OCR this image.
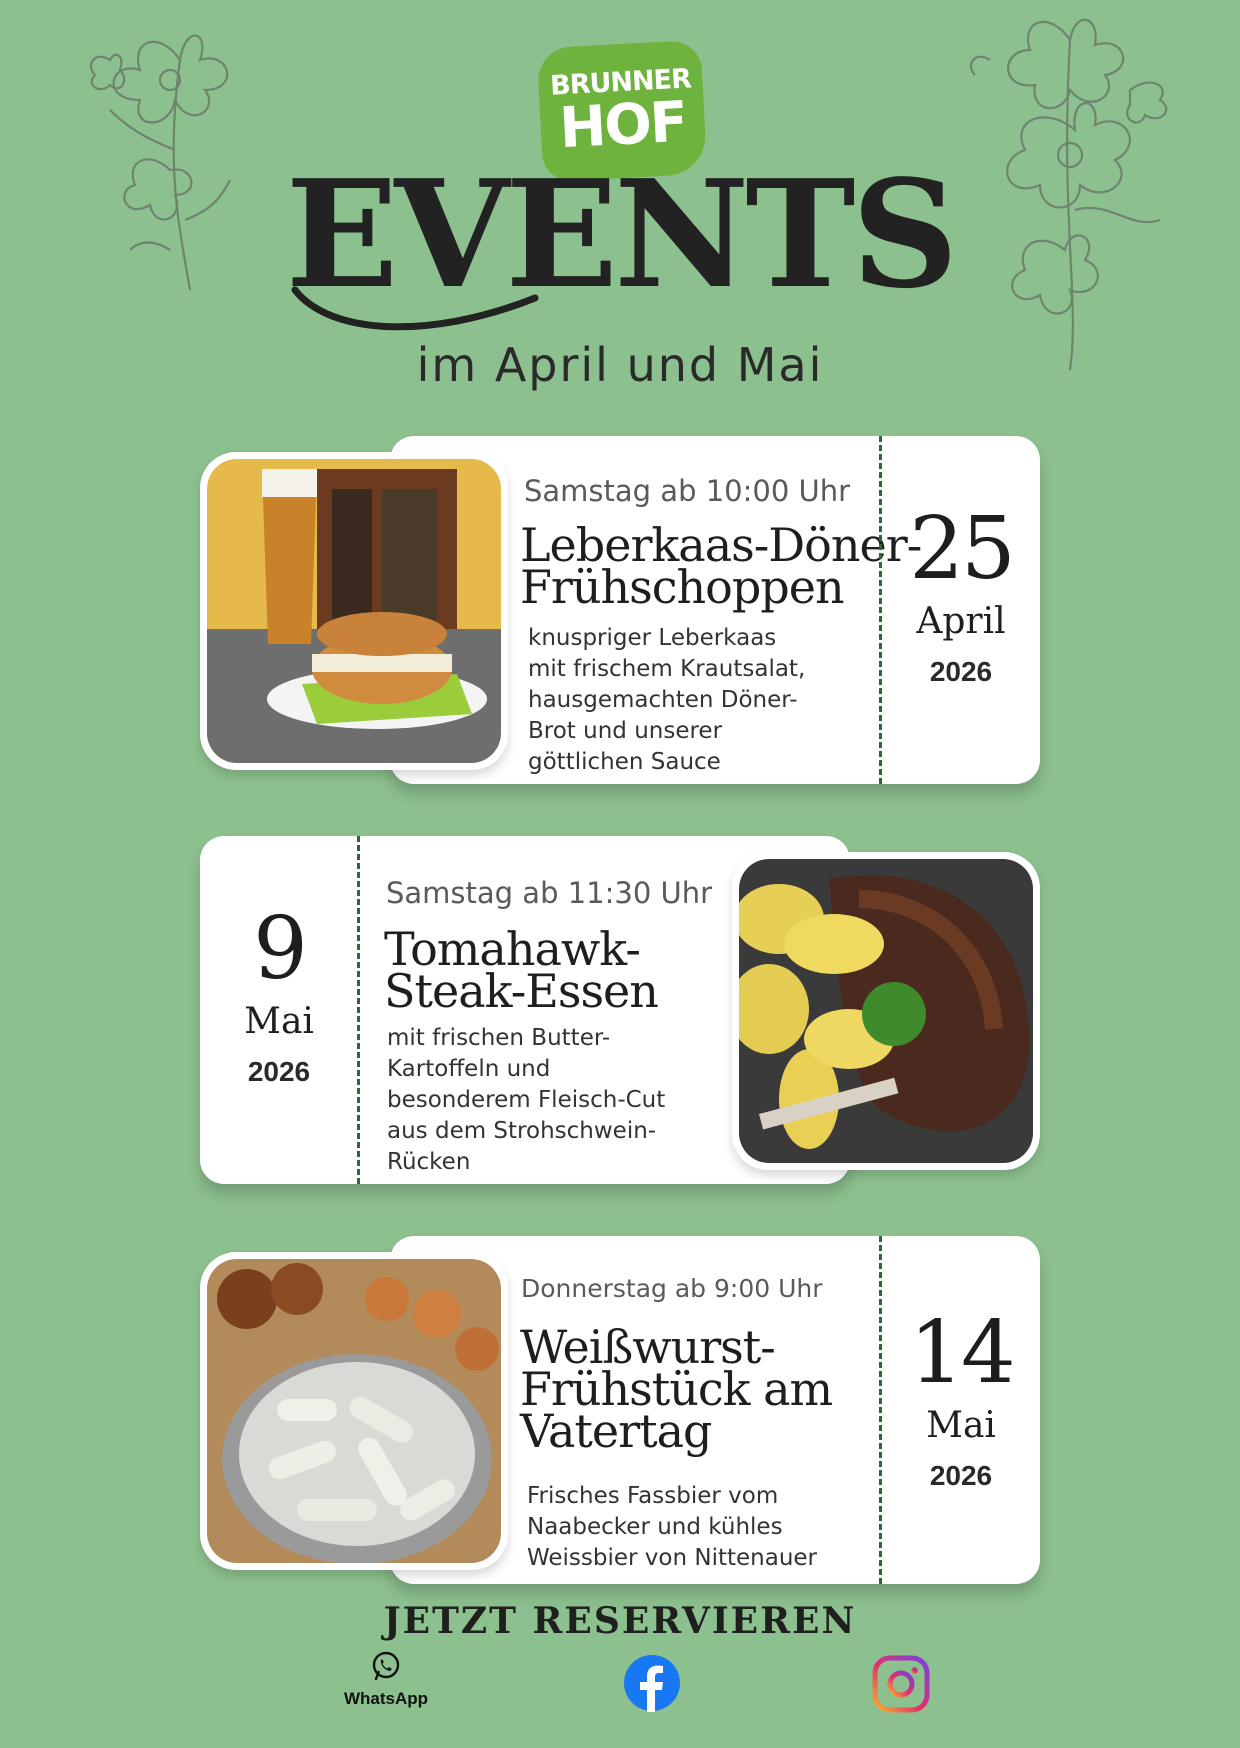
BRUNNER
HOF
EVENTS
im April und Mai
Samstag ab 10:00 Uhr
Leberkaas-Döner-
Frühschoppen
knuspriger Leberkaas
mit frischem Krautsalat,
hausgemachten Döner-
Brot und unserer
göttlichen Sauce
25
April
2026
9
Mai
2026
Samstag ab 11:30 Uhr
Tomahawk-
Steak-Essen
mit frischen Butter-
Kartoffeln und
besonderem Fleisch-Cut
aus dem Strohschwein-
Rücken
Donnerstag ab 9:00 Uhr
Weißwurst-
Frühstück am
Vatertag
Frisches Fassbier vom
Naabecker und kühles
Weissbier von Nittenauer
14
Mai
2026
JETZT RESERVIEREN
WhatsApp
